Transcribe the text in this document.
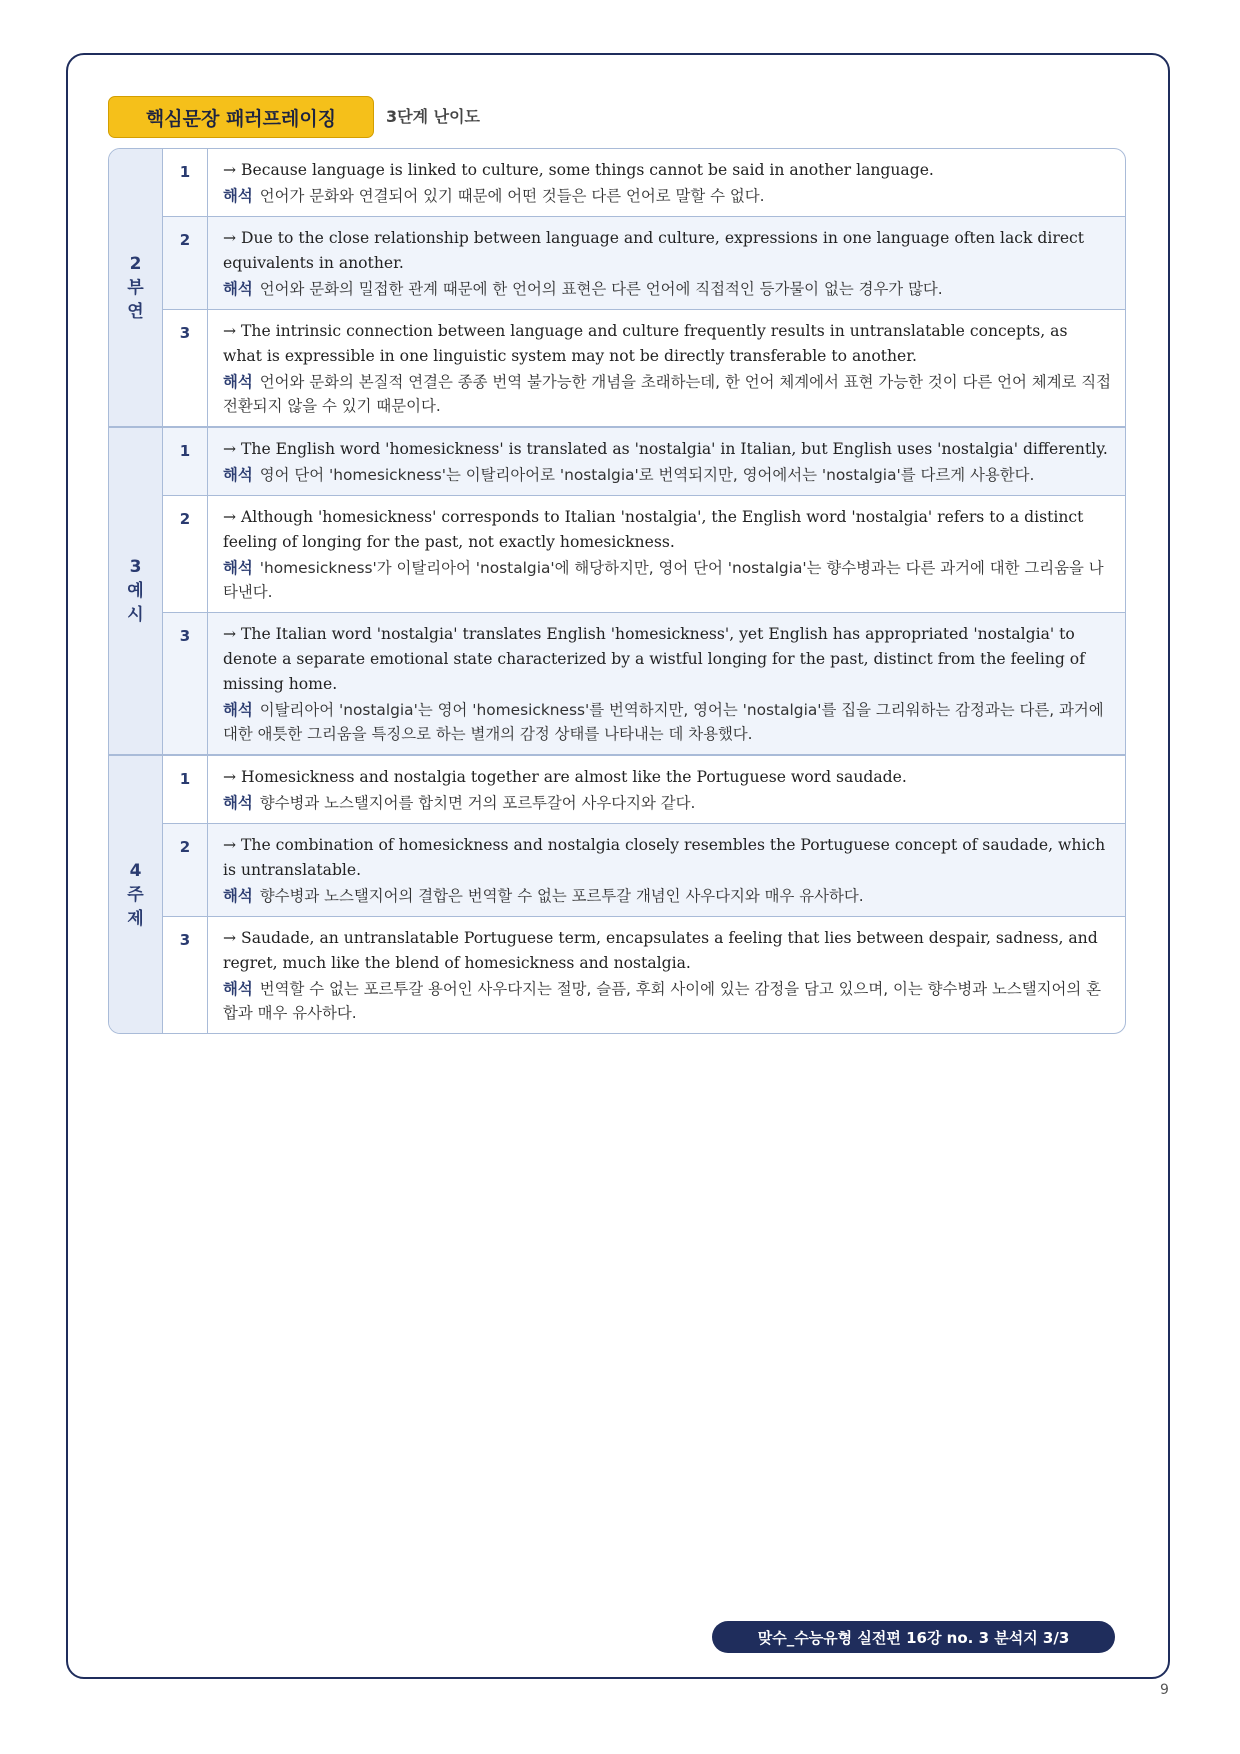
핵심문장 패러프레이징	3단계 난이도
2
부
연
1	→ Because language is linked to culture, some things cannot be said in another language.
해석 언어가 문화와 연결되어 있기 때문에 어떤 것들은 다른 언어로 말할 수 없다.
2	→ Due to the close relationship between language and culture, expressions in one language often lack direct equivalents in another.
해석 언어와 문화의 밀접한 관계 때문에 한 언어의 표현은 다른 언어에 직접적인 등가물이 없는 경우가 많다.
3	→ The intrinsic connection between language and culture frequently results in untranslatable concepts, as what is expressible in one linguistic system may not be directly transferable to another.
해석 언어와 문화의 본질적 연결은 종종 번역 불가능한 개념을 초래하는데, 한 언어 체계에서 표현 가능한 것이 다른 언어 체계로 직접 전환되지 않을 수 있기 때문이다.
3
예
시
1	→ The English word 'homesickness' is translated as 'nostalgia' in Italian, but English uses 'nostalgia' differently.
해석 영어 단어 'homesickness'는 이탈리아어로 'nostalgia'로 번역되지만, 영어에서는 'nostalgia'를 다르게 사용한다.
2	→ Although 'homesickness' corresponds to Italian 'nostalgia', the English word 'nostalgia' refers to a distinct feeling of longing for the past, not exactly homesickness.
해석 'homesickness'가 이탈리아어 'nostalgia'에 해당하지만, 영어 단어 'nostalgia'는 향수병과는 다른 과거에 대한 그리움을 나타낸다.
3	→ The Italian word 'nostalgia' translates English 'homesickness', yet English has appropriated 'nostalgia' to denote a separate emotional state characterized by a wistful longing for the past, distinct from the feeling of missing home.
해석 이탈리아어 'nostalgia'는 영어 'homesickness'를 번역하지만, 영어는 'nostalgia'를 집을 그리워하는 감정과는 다른, 과거에 대한 애틋한 그리움을 특징으로 하는 별개의 감정 상태를 나타내는 데 차용했다.
4
주
제
1	→ Homesickness and nostalgia together are almost like the Portuguese word saudade.
해석 향수병과 노스탤지어를 합치면 거의 포르투갈어 사우다지와 같다.
2	→ The combination of homesickness and nostalgia closely resembles the Portuguese concept of saudade, which is untranslatable.
해석 향수병과 노스탤지어의 결합은 번역할 수 없는 포르투갈 개념인 사우다지와 매우 유사하다.
3	→ Saudade, an untranslatable Portuguese term, encapsulates a feeling that lies between despair, sadness, and regret, much like the blend of homesickness and nostalgia.
해석 번역할 수 없는 포르투갈 용어인 사우다지는 절망, 슬픔, 후회 사이에 있는 감정을 담고 있으며, 이는 향수병과 노스탤지어의 혼합과 매우 유사하다.
맞수_수능유형 실전편 16강 no. 3 분석지 3/3
9
